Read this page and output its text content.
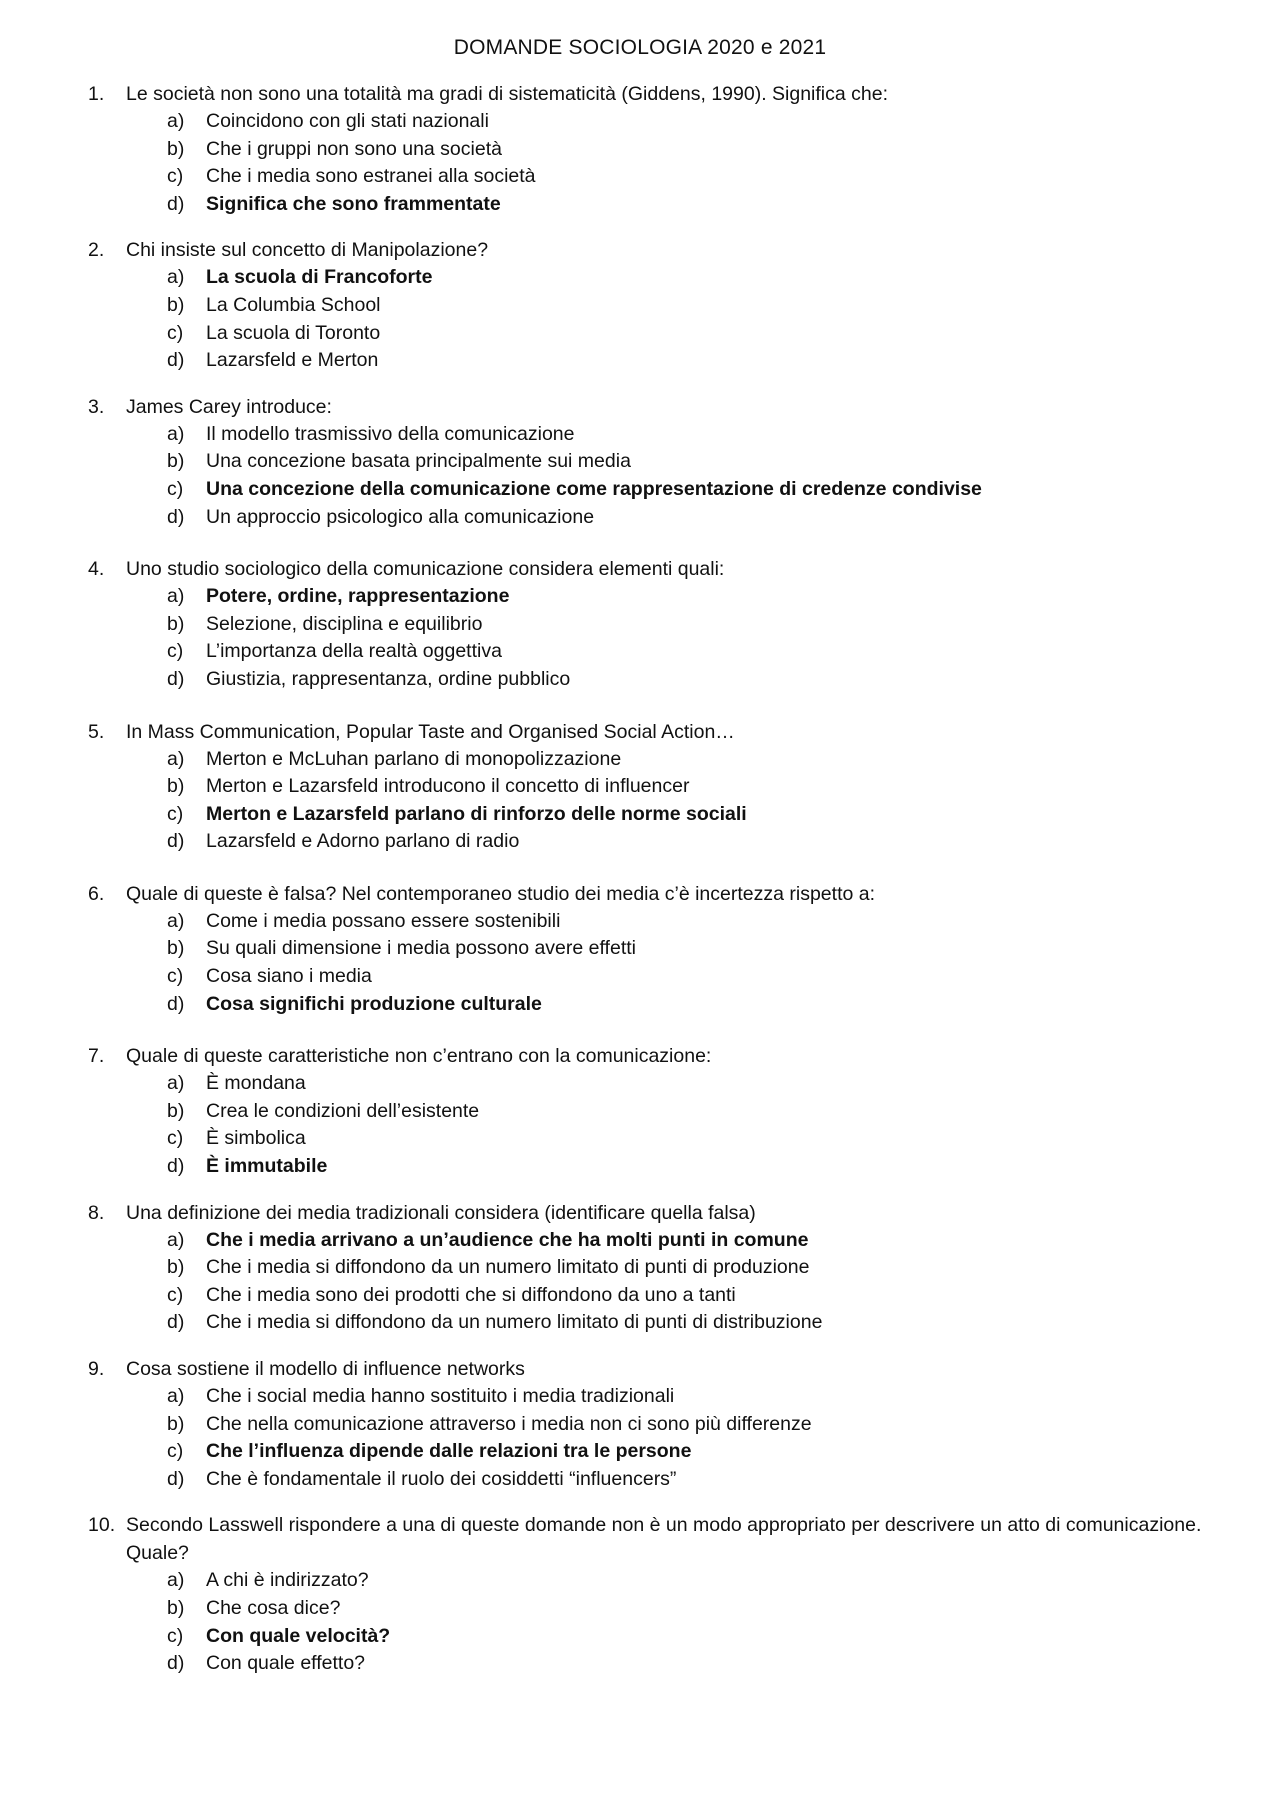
DOMANDE SOCIOLOGIA 2020 e 2021
1.	Le società non sono una totalità ma gradi di sistematicità (Giddens, 1990). Significa che:
a)	Coincidono con gli stati nazionali
b)	Che i gruppi non sono una società
c)	Che i media sono estranei alla società
d)	Significa che sono frammentate
2.	Chi insiste sul concetto di Manipolazione?
a)	La scuola di Francoforte
b)	La Columbia School
c)	La scuola di Toronto
d)	Lazarsfeld e Merton
3.	James Carey introduce:
a)	Il modello trasmissivo della comunicazione
b)	Una concezione basata principalmente sui media
c)	Una concezione della comunicazione come rappresentazione di credenze condivise
d)	Un approccio psicologico alla comunicazione
4.	Uno studio sociologico della comunicazione considera elementi quali:
a)	Potere, ordine, rappresentazione
b)	Selezione, disciplina e equilibrio
c)	L’importanza della realtà oggettiva
d)	Giustizia, rappresentanza, ordine pubblico
5.	In Mass Communication, Popular Taste and Organised Social Action…
a)	Merton e McLuhan parlano di monopolizzazione
b)	Merton e Lazarsfeld introducono il concetto di influencer
c)	Merton e Lazarsfeld parlano di rinforzo delle norme sociali
d)	Lazarsfeld e Adorno parlano di radio
6.	Quale di queste è falsa? Nel contemporaneo studio dei media c’è incertezza rispetto a:
a)	Come i media possano essere sostenibili
b)	Su quali dimensione i media possono avere effetti
c)	Cosa siano i media
d)	Cosa significhi produzione culturale
7.	Quale di queste caratteristiche non c’entrano con la comunicazione:
a)	È mondana
b)	Crea le condizioni dell’esistente
c)	È simbolica
d)	È immutabile
8.	Una definizione dei media tradizionali considera (identificare quella falsa)
a)	Che i media arrivano a un’audience che ha molti punti in comune
b)	Che i media si diffondono da un numero limitato di punti di produzione
c)	Che i media sono dei prodotti che si diffondono da uno a tanti
d)	Che i media si diffondono da un numero limitato di punti di distribuzione
9.	Cosa sostiene il modello di influence networks
a)	Che i social media hanno sostituito i media tradizionali
b)	Che nella comunicazione attraverso i media non ci sono più differenze
c)	Che l’influenza dipende dalle relazioni tra le persone
d)	Che è fondamentale il ruolo dei cosiddetti “influencers”
10. Secondo Lasswell rispondere a una di queste domande non è un modo appropriato per descrivere un atto di comunicazione. Quale?
a)	A chi è indirizzato?
b)	Che cosa dice?
c)	Con quale velocità?
d)	Con quale effetto?
